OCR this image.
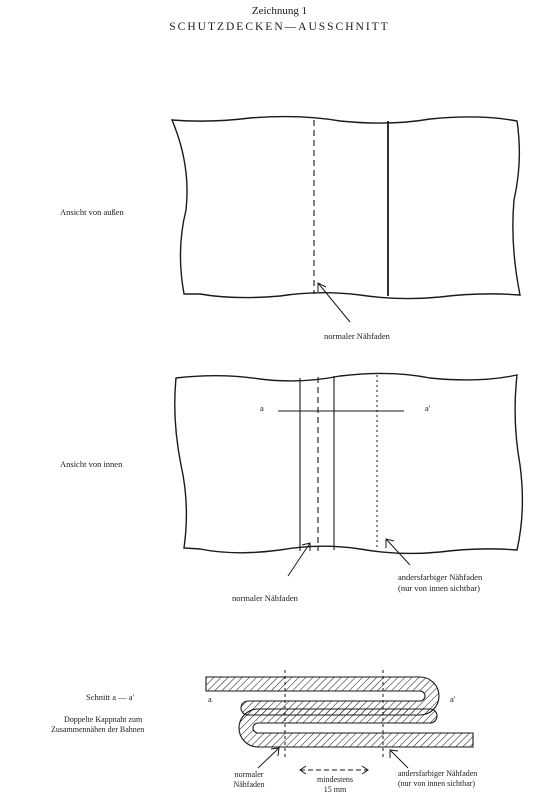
Zeichnung 1
SCHUTZDECKEN—AUSSCHNITT
Ansicht von außen
normaler Nähfaden
Ansicht von innen
a	a'
normaler Nähfaden
andersfarbiger Nähfaden
(nur von innen sichtbar)
Schnitt a — a'
Doppelte Kappnaht zum
Zusammennähen der Bahnen
a	a'
normaler
Nähfaden
mindestens
15 mm
andersfarbiger Nähfaden
(nur von innen sichtbar)
